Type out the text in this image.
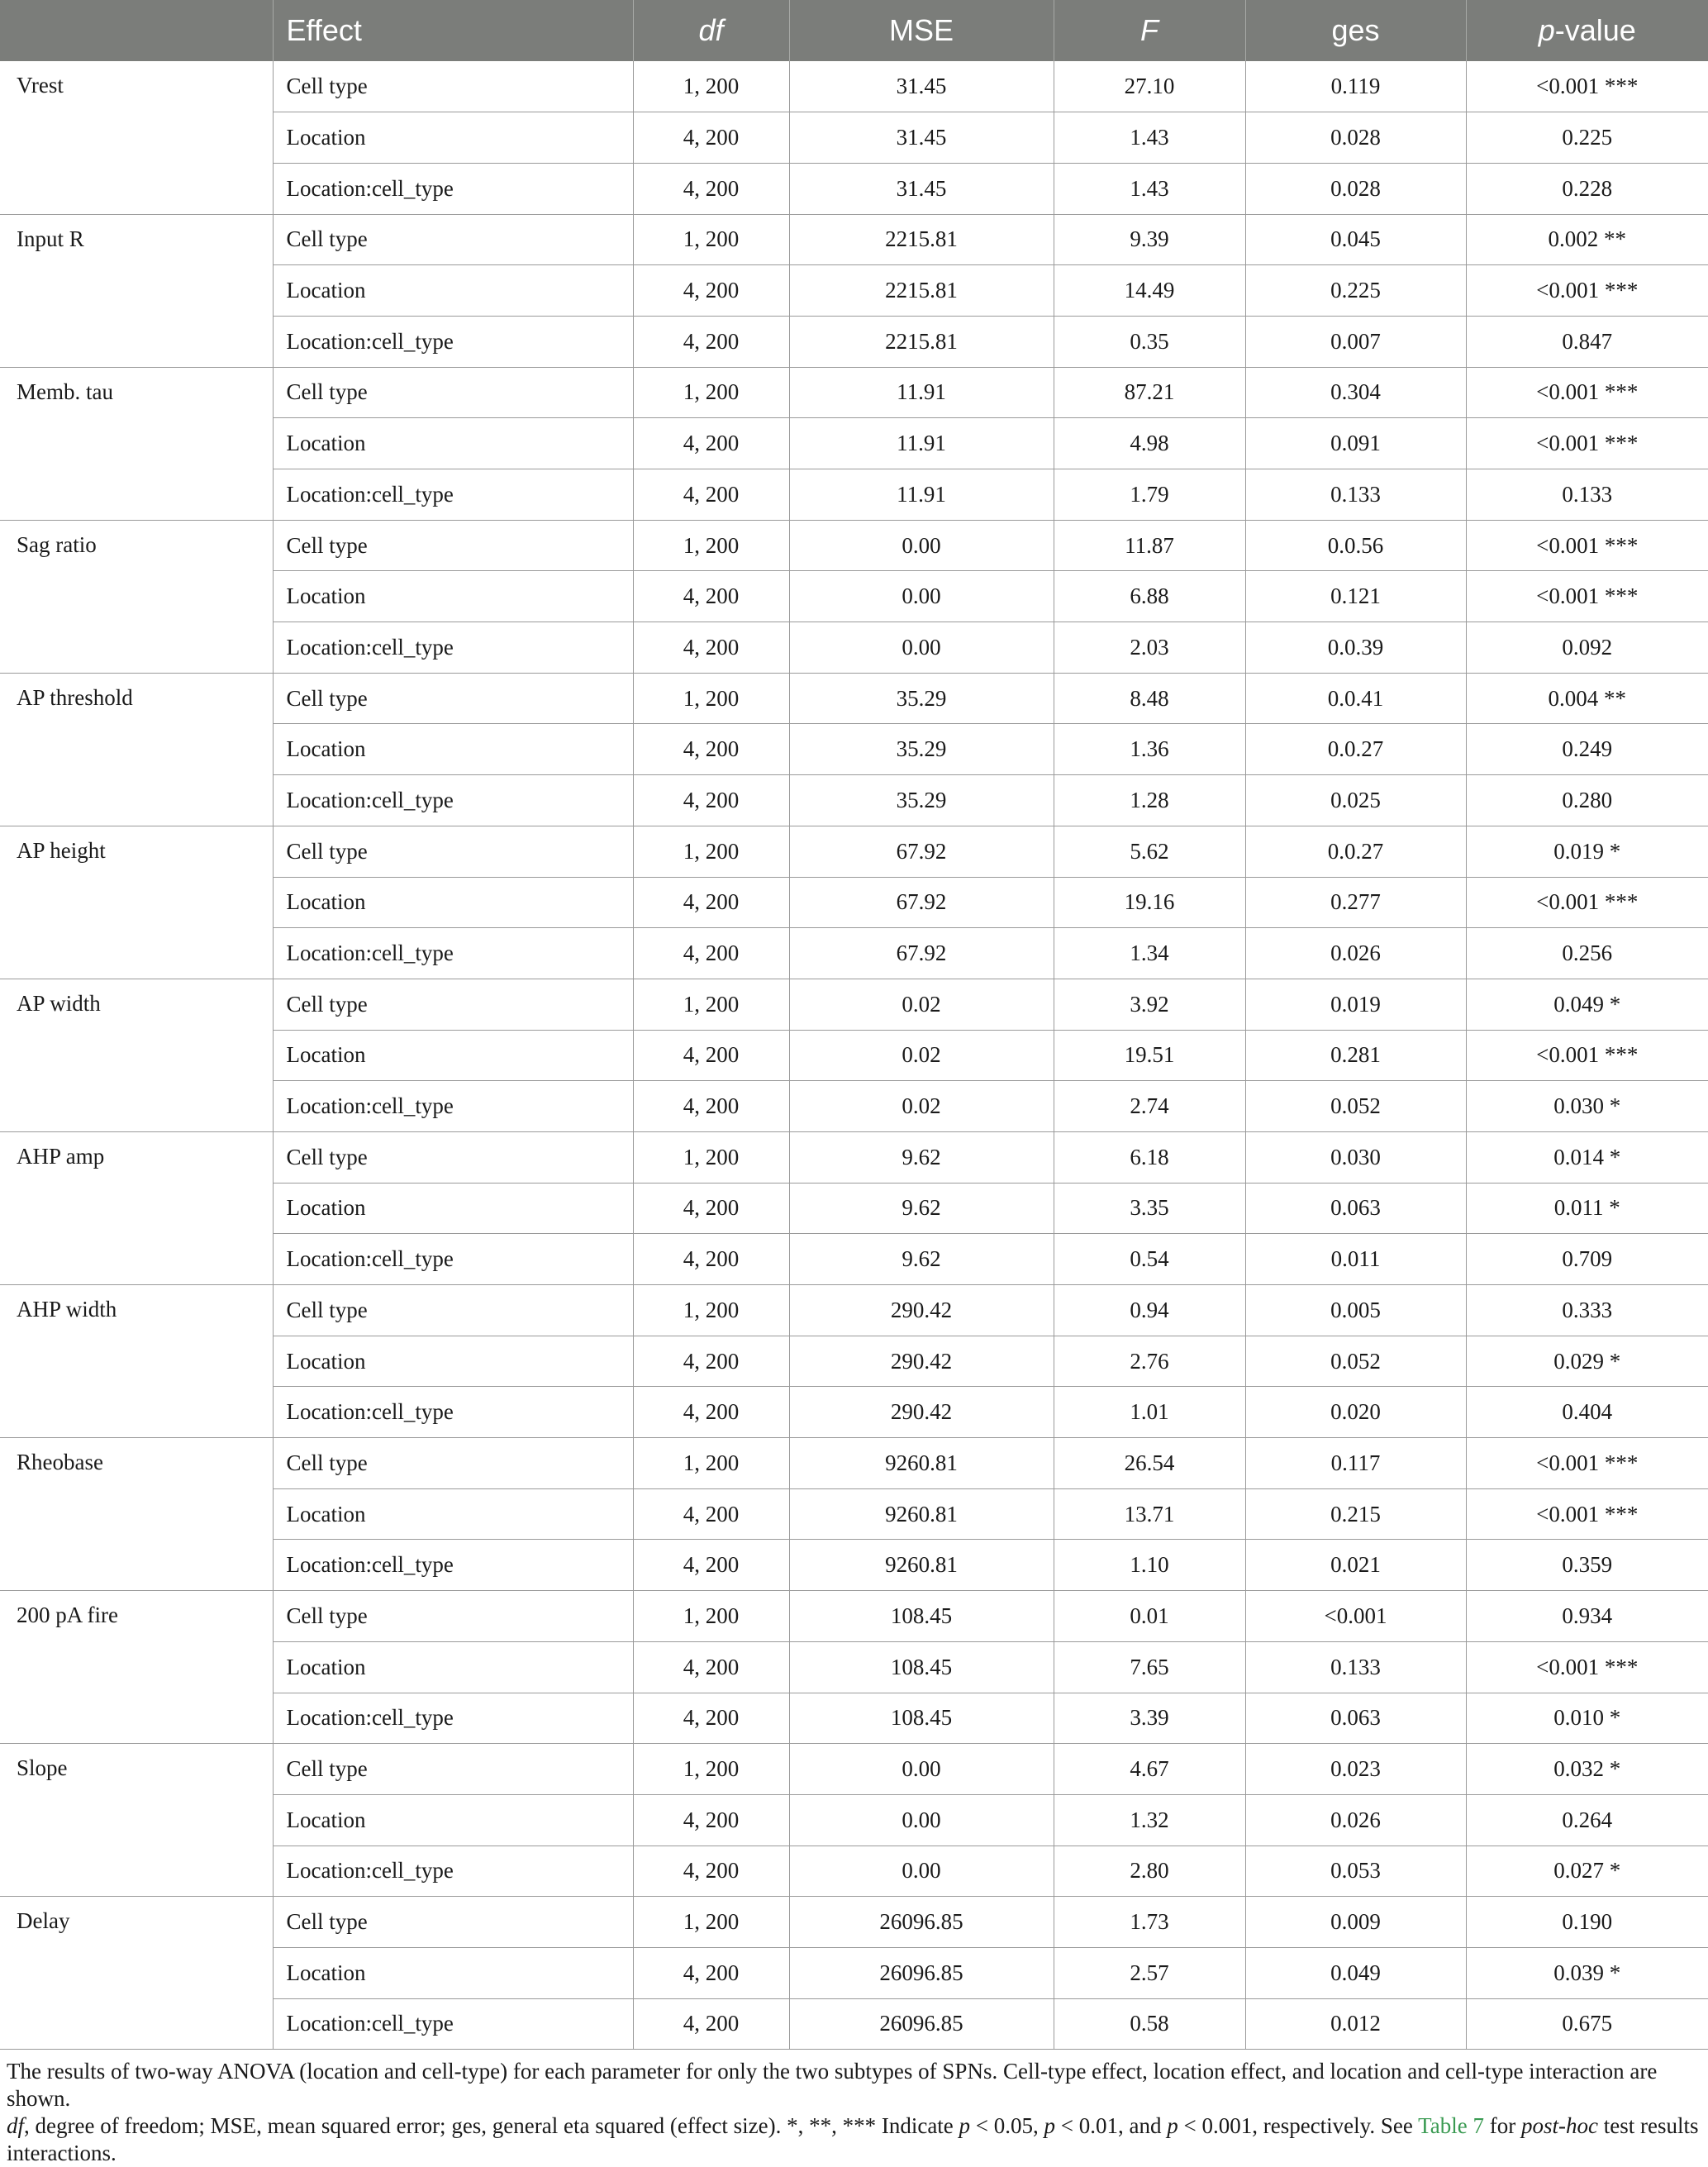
	Effect	df	MSE	F	ges	p-value
Vrest	Cell type	1, 200	31.45	27.10	0.119	<0.001 ***
	Location	4, 200	31.45	1.43	0.028	0.225
	Location:cell_type	4, 200	31.45	1.43	0.028	0.228
Input R	Cell type	1, 200	2215.81	9.39	0.045	0.002 **
	Location	4, 200	2215.81	14.49	0.225	<0.001 ***
	Location:cell_type	4, 200	2215.81	0.35	0.007	0.847
Memb. tau	Cell type	1, 200	11.91	87.21	0.304	<0.001 ***
	Location	4, 200	11.91	4.98	0.091	<0.001 ***
	Location:cell_type	4, 200	11.91	1.79	0.133	0.133
Sag ratio	Cell type	1, 200	0.00	11.87	0.0.56	<0.001 ***
	Location	4, 200	0.00	6.88	0.121	<0.001 ***
	Location:cell_type	4, 200	0.00	2.03	0.0.39	0.092
AP threshold	Cell type	1, 200	35.29	8.48	0.0.41	0.004 **
	Location	4, 200	35.29	1.36	0.0.27	0.249
	Location:cell_type	4, 200	35.29	1.28	0.025	0.280
AP height	Cell type	1, 200	67.92	5.62	0.0.27	0.019 *
	Location	4, 200	67.92	19.16	0.277	<0.001 ***
	Location:cell_type	4, 200	67.92	1.34	0.026	0.256
AP width	Cell type	1, 200	0.02	3.92	0.019	0.049 *
	Location	4, 200	0.02	19.51	0.281	<0.001 ***
	Location:cell_type	4, 200	0.02	2.74	0.052	0.030 *
AHP amp	Cell type	1, 200	9.62	6.18	0.030	0.014 *
	Location	4, 200	9.62	3.35	0.063	0.011 *
	Location:cell_type	4, 200	9.62	0.54	0.011	0.709
AHP width	Cell type	1, 200	290.42	0.94	0.005	0.333
	Location	4, 200	290.42	2.76	0.052	0.029 *
	Location:cell_type	4, 200	290.42	1.01	0.020	0.404
Rheobase	Cell type	1, 200	9260.81	26.54	0.117	<0.001 ***
	Location	4, 200	9260.81	13.71	0.215	<0.001 ***
	Location:cell_type	4, 200	9260.81	1.10	0.021	0.359
200 pA fire	Cell type	1, 200	108.45	0.01	<0.001	0.934
	Location	4, 200	108.45	7.65	0.133	<0.001 ***
	Location:cell_type	4, 200	108.45	3.39	0.063	0.010 *
Slope	Cell type	1, 200	0.00	4.67	0.023	0.032 *
	Location	4, 200	0.00	1.32	0.026	0.264
	Location:cell_type	4, 200	0.00	2.80	0.053	0.027 *
Delay	Cell type	1, 200	26096.85	1.73	0.009	0.190
	Location	4, 200	26096.85	2.57	0.049	0.039 *
	Location:cell_type	4, 200	26096.85	0.58	0.012	0.675
The results of two-way ANOVA (location and cell-type) for each parameter for only the two subtypes of SPNs. Cell-type effect, location effect, and location and cell-type interaction are shown.
df, degree of freedom; MSE, mean squared error; ges, general eta squared (effect size). *, **, *** Indicate p < 0.05, p < 0.01, and p < 0.001, respectively. See Table 7 for post-hoc test results
interactions.
